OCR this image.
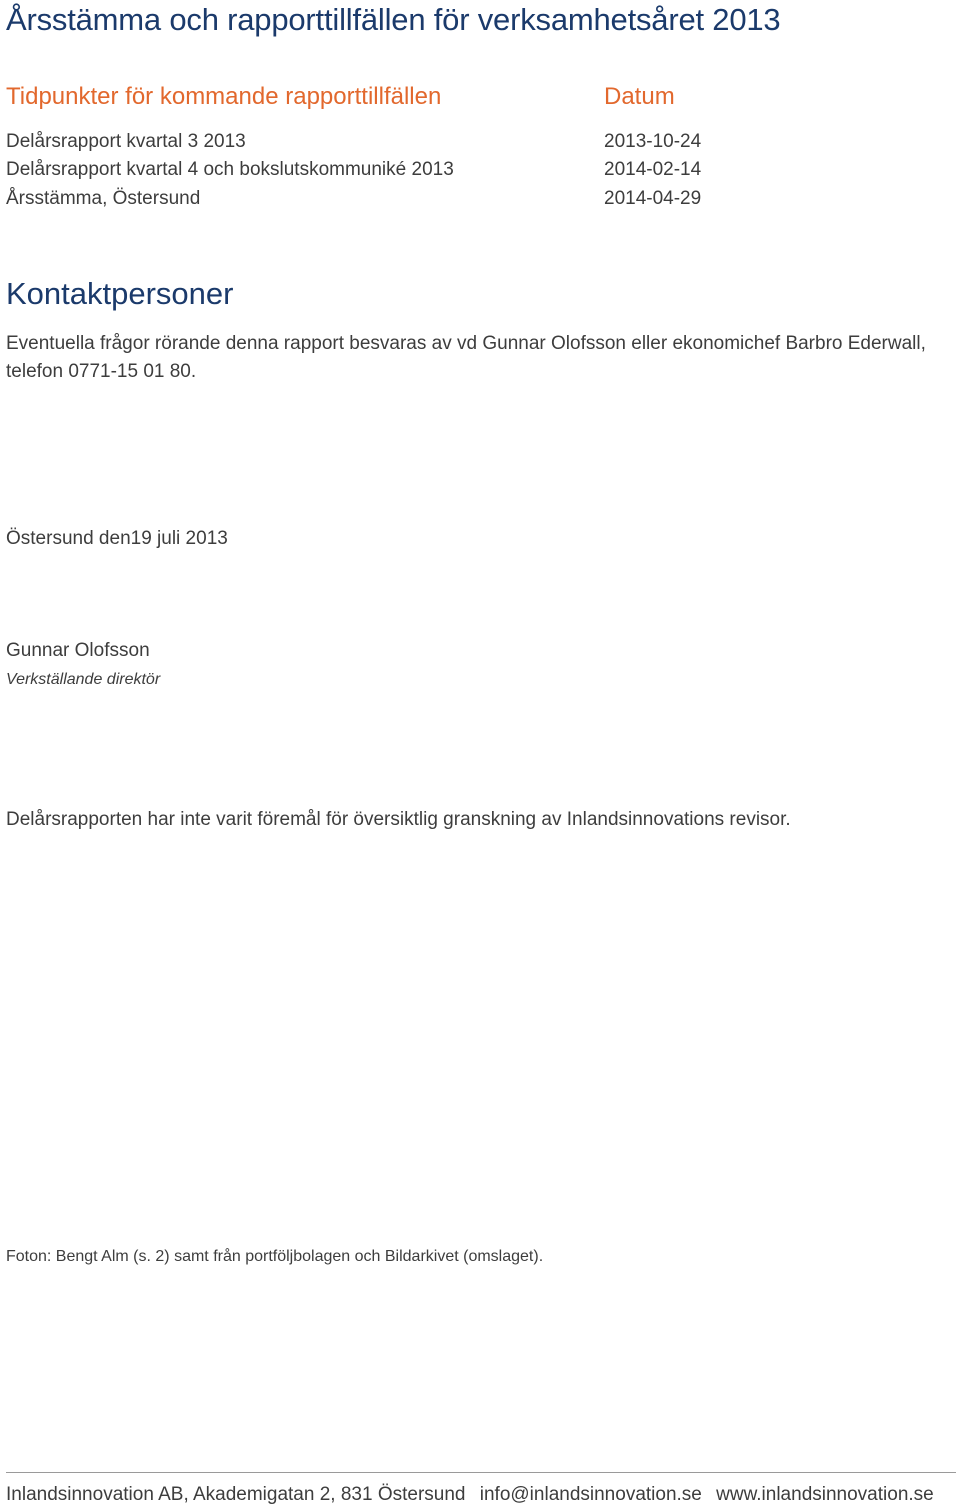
Årsstämma och rapporttillfällen för verksamhetsåret 2013
Tidpunkter för kommande rapporttillfällen	Datum
Delårsrapport kvartal 3 2013	2013-10-24
Delårsrapport kvartal 4 och bokslutskommuniké 2013	2014-02-14
Årsstämma, Östersund	2014-04-29
Kontaktpersoner
Eventuella frågor rörande denna rapport besvaras av vd Gunnar Olofsson eller ekonomichef Barbro Ederwall, telefon 0771-15 01 80.
Östersund den19 juli 2013
Gunnar Olofsson
Verkställande direktör
Delårsrapporten har inte varit föremål för översiktlig granskning av Inlandsinnovations revisor.
Foton: Bengt Alm (s. 2) samt från portföljbolagen och Bildarkivet (omslaget).
Inlandsinnovation AB, Akademigatan 2, 831 Östersund info@inlandsinnovation.se www.inlandsinnovation.se
